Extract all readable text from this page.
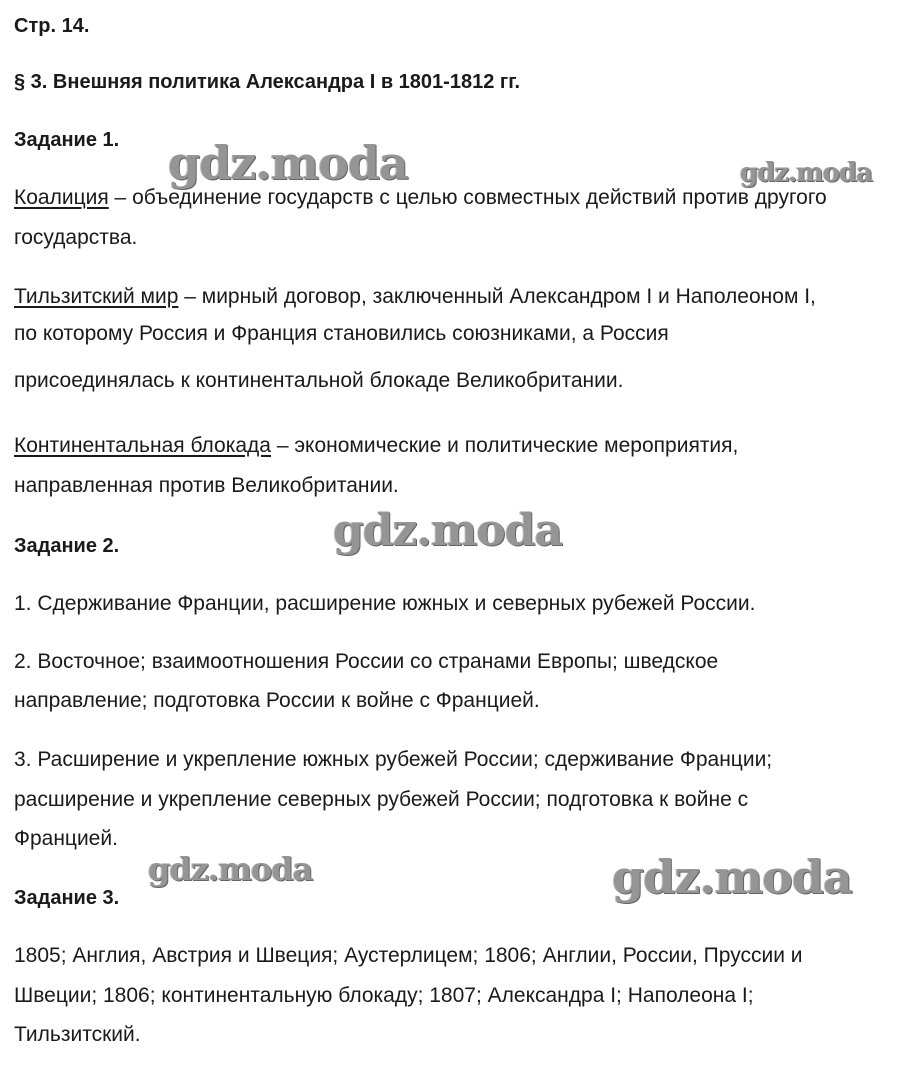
Стр. 14.
§ 3. Внешняя политика Александра I в 1801-1812 гг.
Задание 1.
Коалиция – объединение государств с целью совместных действий против другого
государства.
Тильзитский мир – мирный договор, заключенный Александром I и Наполеоном I,
по которому Россия и Франция становились союзниками, а Россия
присоединялась к континентальной блокаде Великобритании.
Континентальная блокада – экономические и политические мероприятия,
направленная против Великобритании.
Задание 2.
1. Сдерживание Франции, расширение южных и северных рубежей России.
2. Восточное; взаимоотношения России со странами Европы; шведское
направление; подготовка России к войне с Францией.
3. Расширение и укрепление южных рубежей России; сдерживание Франции;
расширение и укрепление северных рубежей России; подготовка к войне с
Францией.
Задание 3.
1805; Англия, Австрия и Швеция; Аустерлицем; 1806; Англии, России, Пруссии и
Швеции; 1806; континентальную блокаду; 1807; Александра I; Наполеона I;
Тильзитский.
gdz.moda	gdz.moda
gdz.moda
gdz.moda	gdz.moda
